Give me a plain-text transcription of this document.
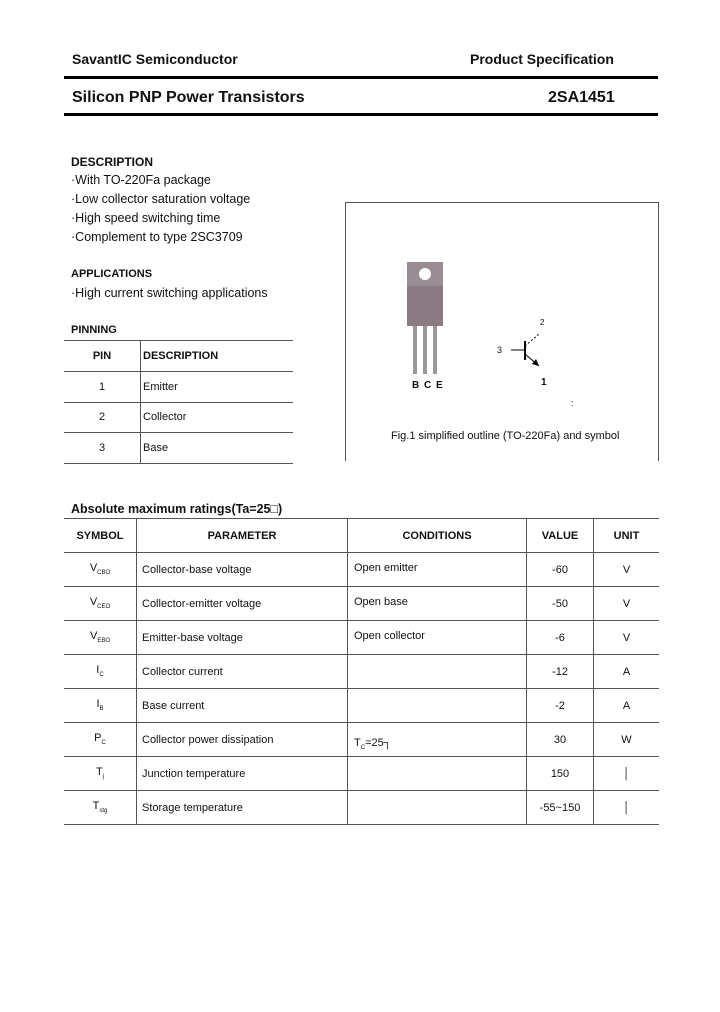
SavantIC Semiconductor	Product Specification
Silicon PNP Power Transistors	2SA1451
DESCRIPTION
·With TO-220Fa package
·Low collector saturation voltage
·High speed switching time
·Complement to type 2SC3709
APPLICATIONS
·High current switching applications
PINNING
PIN	DESCRIPTION
1	Emitter
2	Collector
3	Base
B C E
2
3
1
:
Fig.1 simplified outline (TO-220Fa) and symbol
Absolute maximum ratings(Ta=25□)
SYMBOL	PARAMETER	CONDITIONS	VALUE	UNIT
$V_{CBO}$	Collector-base voltage	Open emitter	-60	V
$V_{CEO}$	Collector-emitter voltage	Open base	-50	V
$V_{EBO}$	Emitter-base voltage	Open collector	-6	V
$I_C$	Collector current		-12	A
$I_B$	Base current		-2	A
$P_C$	Collector power dissipation	$T_C=25┐$	30	W
$T_j$	Junction temperature		150	│
$T_{stg}$	Storage temperature		-55~150	│
